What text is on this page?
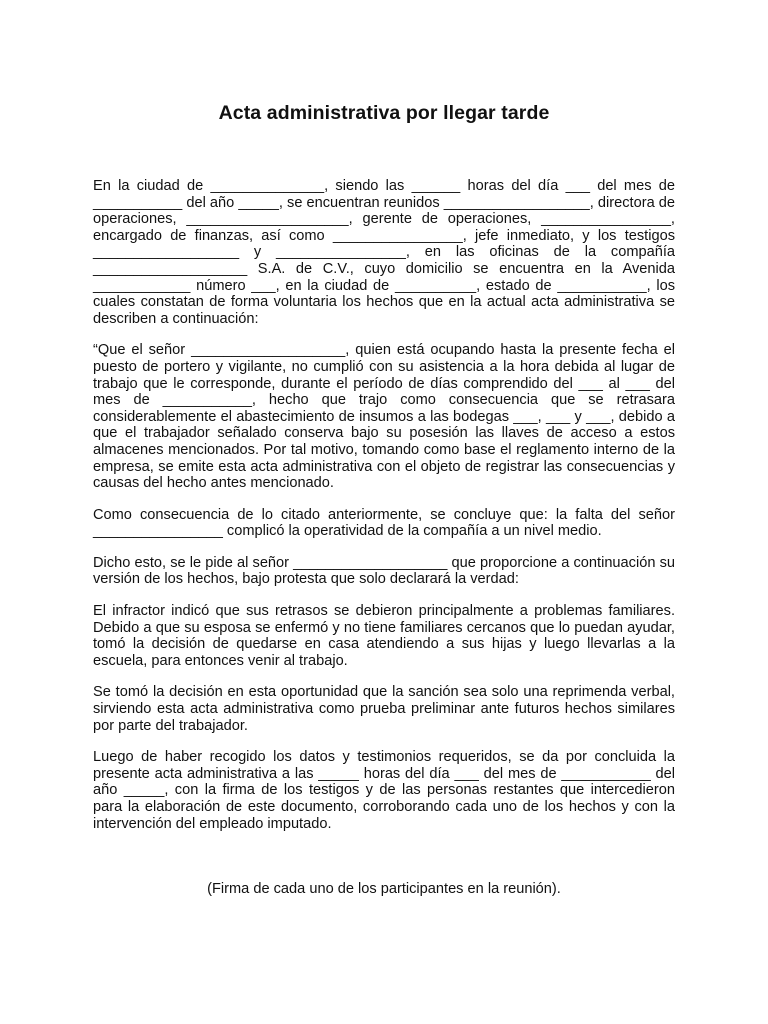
Acta administrativa por llegar tarde

En la ciudad de ______________, siendo las ______ horas del día ___ del mes de ___________ del año _____, se encuentran reunidos __________________, directora de operaciones, ____________________, gerente de operaciones, ________________, encargado de finanzas, así como ________________, jefe inmediato, y los testigos __________________ y ________________, en las oficinas de la compañía ___________________ S.A. de C.V., cuyo domicilio se encuentra en la Avenida ____________ número ___, en la ciudad de __________, estado de ___________, los cuales constatan de forma voluntaria los hechos que en la actual acta administrativa se describen a continuación:

“Que el señor ___________________, quien está ocupando hasta la presente fecha el puesto de portero y vigilante, no cumplió con su asistencia a la hora debida al lugar de trabajo que le corresponde, durante el período de días comprendido del ___ al ___ del mes de ___________, hecho que trajo como consecuencia que se retrasara considerablemente el abastecimiento de insumos a las bodegas ___, ___ y ___, debido a que el trabajador señalado conserva bajo su posesión las llaves de acceso a estos almacenes mencionados. Por tal motivo, tomando como base el reglamento interno de la empresa, se emite esta acta administrativa con el objeto de registrar las consecuencias y causas del hecho antes mencionado.

Como consecuencia de lo citado anteriormente, se concluye que: la falta del señor ________________ complicó la operatividad de la compañía a un nivel medio.

Dicho esto, se le pide al señor ___________________ que proporcione a continuación su versión de los hechos, bajo protesta que solo declarará la verdad:

El infractor indicó que sus retrasos se debieron principalmente a problemas familiares. Debido a que su esposa se enfermó y no tiene familiares cercanos que lo puedan ayudar, tomó la decisión de quedarse en casa atendiendo a sus hijas y luego llevarlas a la escuela, para entonces venir al trabajo.

Se tomó la decisión en esta oportunidad que la sanción sea solo una reprimenda verbal, sirviendo esta acta administrativa como prueba preliminar ante futuros hechos similares por parte del trabajador.

Luego de haber recogido los datos y testimonios requeridos, se da por concluida la presente acta administrativa a las _____ horas del día ___ del mes de ___________ del año _____, con la firma de los testigos y de las personas restantes que intercedieron para la elaboración de este documento, corroborando cada uno de los hechos y con la intervención del empleado imputado.

(Firma de cada uno de los participantes en la reunión).
